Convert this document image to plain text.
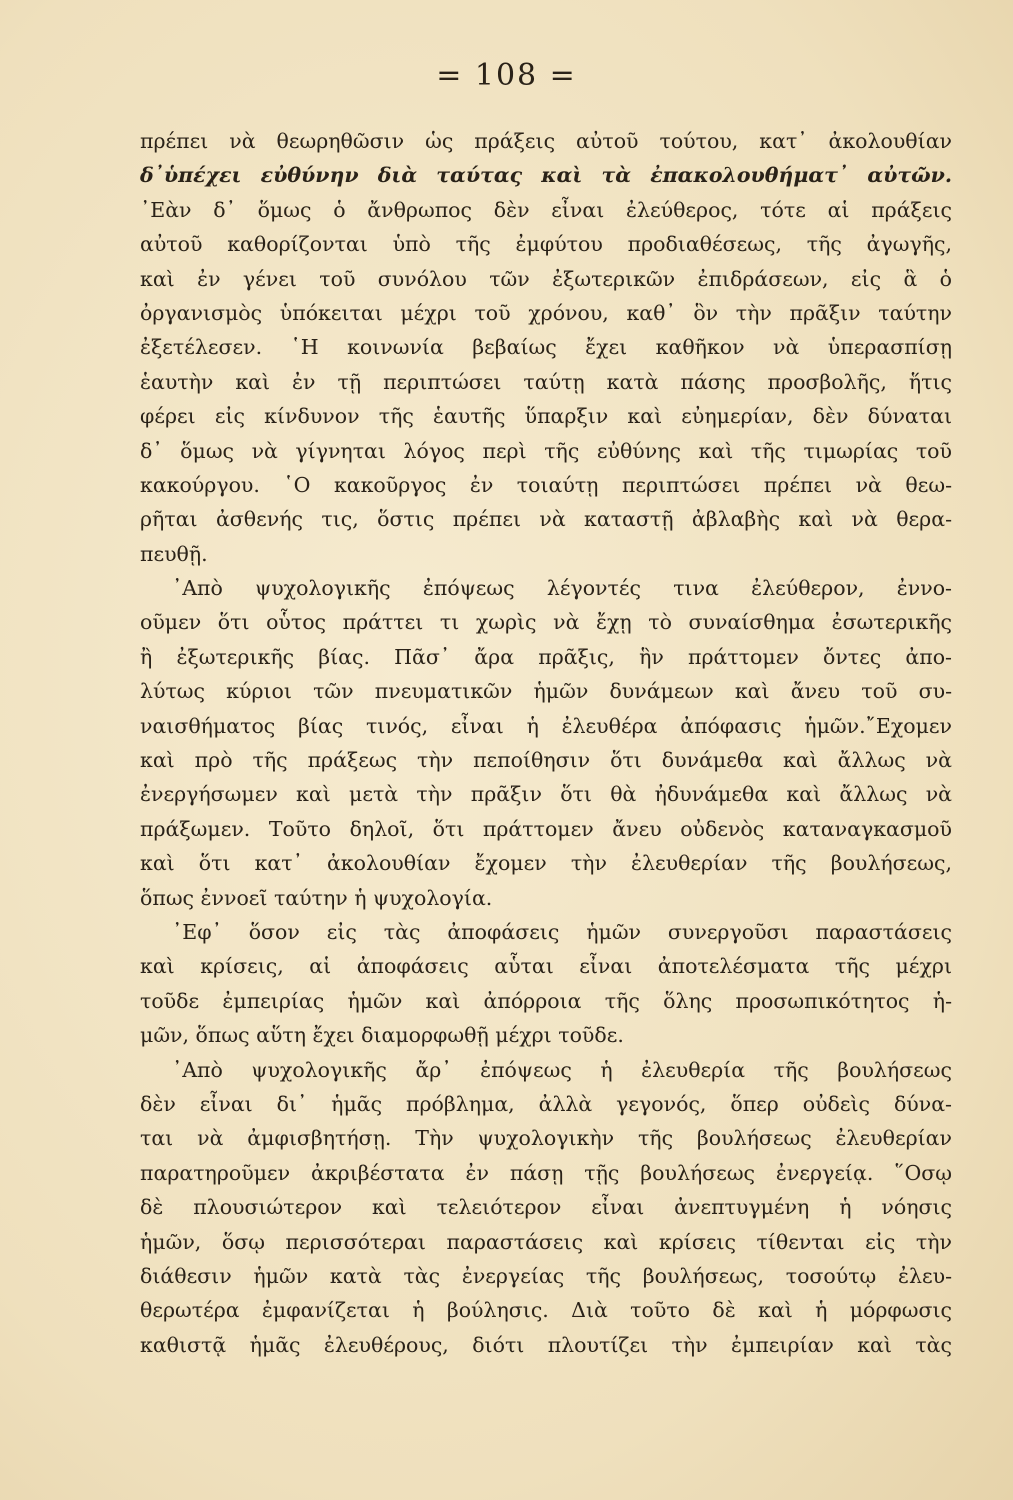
= 108 =
πρέπει νὰ θεωρηθῶσιν ὡς πράξεις αὐτοῦ τούτου, κατ᾽ ἀκολουθίαν
δ᾽ὑπέχει εὐθύνην διὰ ταύτας καὶ τὰ ἐπακολουθήματ᾽ αὐτῶν.
᾽Εὰν δ᾽ ὅμως ὁ ἄνθρωπος δὲν εἶναι ἐλεύθερος, τότε αἱ πράξεις
αὐτοῦ καθορίζονται ὑπὸ τῆς ἐμφύτου προδιαθέσεως, τῆς ἀγωγῆς,
καὶ ἐν γένει τοῦ συνόλου τῶν ἐξωτερικῶν ἐπιδράσεων, εἰς ἃ ὁ
ὀργανισμὸς ὑπόκειται μέχρι τοῦ χρόνου, καθ᾽ ὃν τὴν πρᾶξιν ταύτην
ἐξετέλεσεν. ῾Η κοινωνία βεβαίως ἔχει καθῆκον νὰ ὑπερασπίσῃ
ἑαυτὴν καὶ ἐν τῇ περιπτώσει ταύτῃ κατὰ πάσης προσβολῆς, ἥτις
φέρει εἰς κίνδυνον τῆς ἑαυτῆς ὕπαρξιν καὶ εὐημερίαν, δὲν δύναται
δ᾽ ὅμως νὰ γίγνηται λόγος περὶ τῆς εὐθύνης καὶ τῆς τιμωρίας τοῦ
κακούργου. ῾Ο κακοῦργος ἐν τοιαύτῃ περιπτώσει πρέπει νὰ θεω-
ρῆται ἀσθενής τις, ὅστις πρέπει νὰ καταστῇ ἀβλαβὴς καὶ νὰ θερα-
πευθῇ.
᾽Απὸ ψυχολογικῆς ἐπόψεως λέγοντές τινα ἐλεύθερον, ἐννο-
οῦμεν ὅτι οὗτος πράττει τι χωρὶς νὰ ἔχῃ τὸ συναίσθημα ἐσωτερικῆς
ἢ ἐξωτερικῆς βίας. Πᾶσ᾽ ἄρα πρᾶξις, ἣν πράττομεν ὄντες ἀπο-
λύτως κύριοι τῶν πνευματικῶν ἡμῶν δυνάμεων καὶ ἄνευ τοῦ συ-
ναισθήματος βίας τινός, εἶναι ἡ ἐλευθέρα ἀπόφασις ἡμῶν.῎Εχομεν
καὶ πρὸ τῆς πράξεως τὴν πεποίθησιν ὅτι δυνάμεθα καὶ ἄλλως νὰ
ἐνεργήσωμεν καὶ μετὰ τὴν πρᾶξιν ὅτι θὰ ἠδυνάμεθα καὶ ἄλλως νὰ
πράξωμεν. Τοῦτο δηλοῖ, ὅτι πράττομεν ἄνευ οὐδενὸς καταναγκασμοῦ
καὶ ὅτι κατ᾽ ἀκολουθίαν ἔχομεν τὴν ἐλευθερίαν τῆς βουλήσεως,
ὅπως ἐννοεῖ ταύτην ἡ ψυχολογία.
᾽Εφ᾽ ὅσον εἰς τὰς ἀποφάσεις ἡμῶν συνεργοῦσι παραστάσεις
καὶ κρίσεις, αἱ ἀποφάσεις αὗται εἶναι ἀποτελέσματα τῆς μέχρι
τοῦδε ἐμπειρίας ἡμῶν καὶ ἀπόρροια τῆς ὅλης προσωπικότητος ἡ-
μῶν, ὅπως αὕτη ἔχει διαμορφωθῇ μέχρι τοῦδε.
᾽Απὸ ψυχολογικῆς ἄρ᾽ ἐπόψεως ἡ ἐλευθερία τῆς βουλήσεως
δὲν εἶναι δι᾽ ἡμᾶς πρόβλημα, ἀλλὰ γεγονός, ὅπερ οὐδεὶς δύνα-
ται νὰ ἀμφισβητήσῃ. Τὴν ψυχολογικὴν τῆς βουλήσεως ἐλευθερίαν
παρατηροῦμεν ἀκριβέστατα ἐν πάσῃ τῇς βουλήσεως ἐνεργείᾳ. ῞Οσῳ
δὲ πλουσιώτερον καὶ τελειότερον εἶναι ἀνεπτυγμένη ἡ νόησις
ἡμῶν, ὅσῳ περισσότεραι παραστάσεις καὶ κρίσεις τίθενται εἰς τὴν
διάθεσιν ἡμῶν κατὰ τὰς ἐνεργείας τῆς βουλήσεως, τοσούτῳ ἐλευ-
θερωτέρα ἐμφανίζεται ἡ βούλησις. Διὰ τοῦτο δὲ καὶ ἡ μόρφωσις
καθιστᾷ ἡμᾶς ἐλευθέρους, διότι πλουτίζει τὴν ἐμπειρίαν καὶ τὰς
